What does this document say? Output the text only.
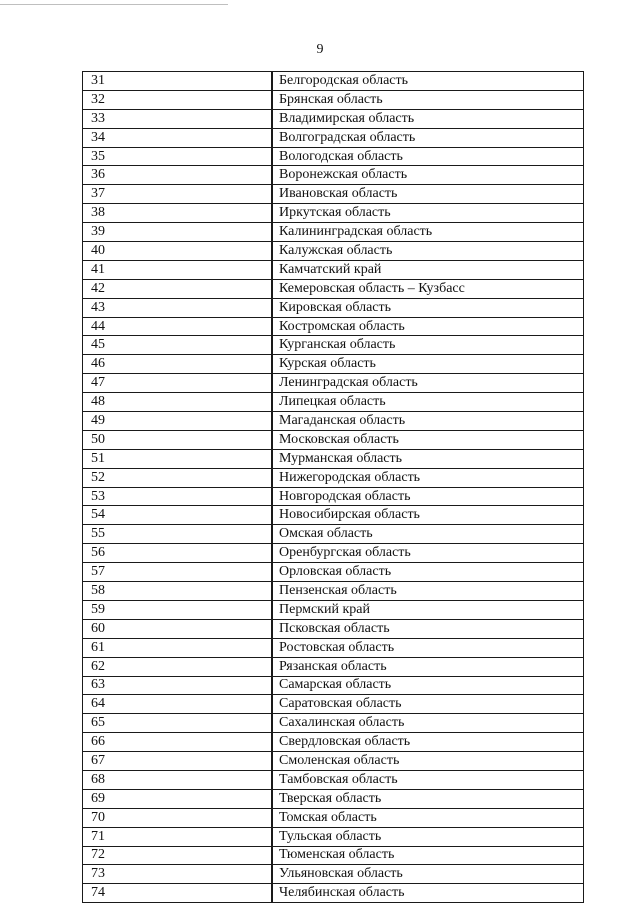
9
31	Белгородская область
32	Брянская область
33	Владимирская область
34	Волгоградская область
35	Вологодская область
36	Воронежская область
37	Ивановская область
38	Иркутская область
39	Калининградская область
40	Калужская область
41	Камчатский край
42	Кемеровская область – Кузбасс
43	Кировская область
44	Костромская область
45	Курганская область
46	Курская область
47	Ленинградская область
48	Липецкая область
49	Магаданская область
50	Московская область
51	Мурманская область
52	Нижегородская область
53	Новгородская область
54	Новосибирская область
55	Омская область
56	Оренбургская область
57	Орловская область
58	Пензенская область
59	Пермский край
60	Псковская область
61	Ростовская область
62	Рязанская область
63	Самарская область
64	Саратовская область
65	Сахалинская область
66	Свердловская область
67	Смоленская область
68	Тамбовская область
69	Тверская область
70	Томская область
71	Тульская область
72	Тюменская область
73	Ульяновская область
74	Челябинская область
